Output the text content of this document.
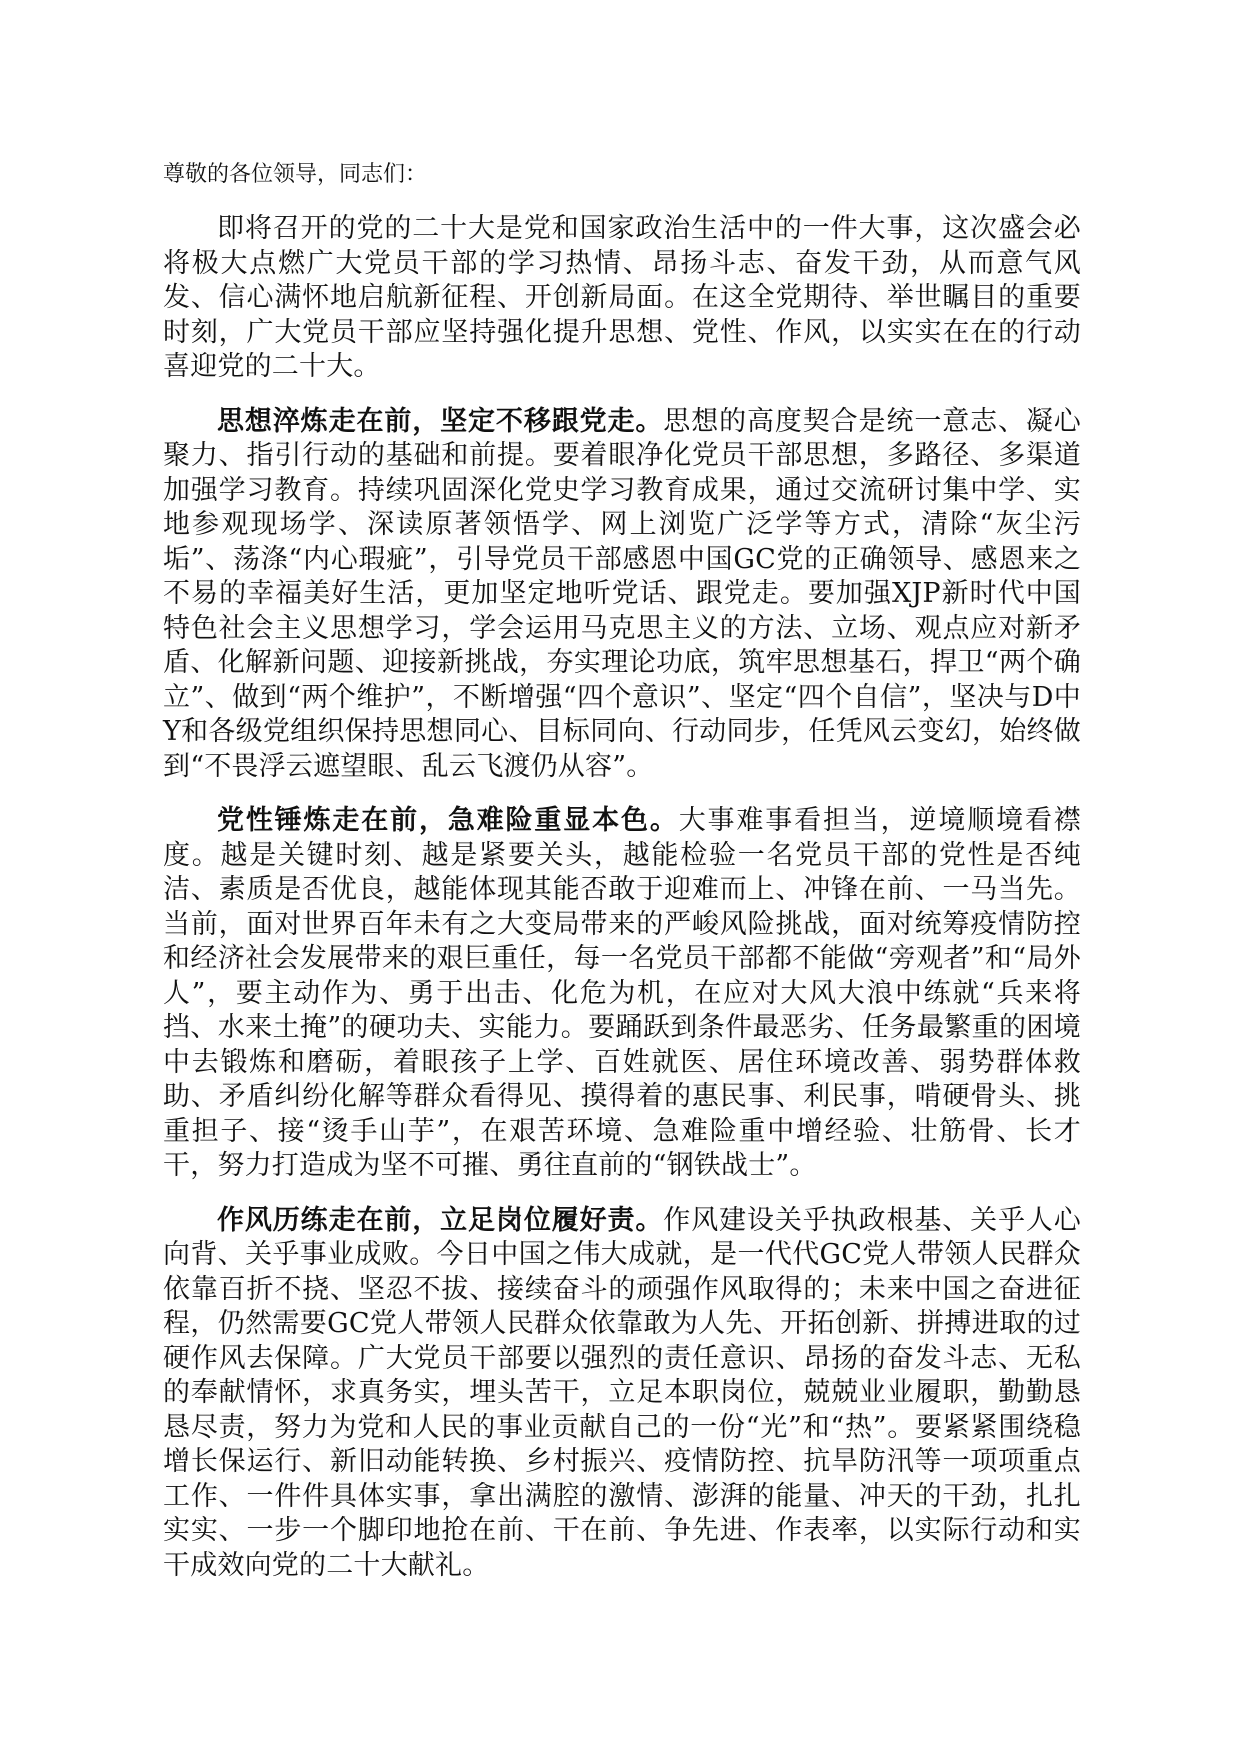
尊敬的各位领导，同志们：

即将召开的党的二十大是党和国家政治生活中的一件大事，这次盛会必将极大点燃广大党员干部的学习热情、昂扬斗志、奋发干劲，从而意气风发、信心满怀地启航新征程、开创新局面。在这全党期待、举世瞩目的重要时刻，广大党员干部应坚持强化提升思想、党性、作风，以实实在在的行动喜迎党的二十大。

思想淬炼走在前，坚定不移跟党走。思想的高度契合是统一意志、凝心聚力、指引行动的基础和前提。要着眼净化党员干部思想，多路径、多渠道加强学习教育。持续巩固深化党史学习教育成果，通过交流研讨集中学、实地参观现场学、深读原著领悟学、网上浏览广泛学等方式，清除“灰尘污垢”、荡涤“内心瑕疵”，引导党员干部感恩中国GC党的正确领导、感恩来之不易的幸福美好生活，更加坚定地听党话、跟党走。要加强XJP新时代中国特色社会主义思想学习，学会运用马克思主义的方法、立场、观点应对新矛盾、化解新问题、迎接新挑战，夯实理论功底，筑牢思想基石，捍卫“两个确立”、做到“两个维护”，不断增强“四个意识”、坚定“四个自信”，坚决与D中Y和各级党组织保持思想同心、目标同向、行动同步，任凭风云变幻，始终做到“不畏浮云遮望眼、乱云飞渡仍从容”。

党性锤炼走在前，急难险重显本色。大事难事看担当，逆境顺境看襟度。越是关键时刻、越是紧要关头，越能检验一名党员干部的党性是否纯洁、素质是否优良，越能体现其能否敢于迎难而上、冲锋在前、一马当先。当前，面对世界百年未有之大变局带来的严峻风险挑战，面对统筹疫情防控和经济社会发展带来的艰巨重任，每一名党员干部都不能做“旁观者”和“局外人”，要主动作为、勇于出击、化危为机，在应对大风大浪中练就“兵来将挡、水来土掩”的硬功夫、实能力。要踊跃到条件最恶劣、任务最繁重的困境中去锻炼和磨砺，着眼孩子上学、百姓就医、居住环境改善、弱势群体救助、矛盾纠纷化解等群众看得见、摸得着的惠民事、利民事，啃硬骨头、挑重担子、接“烫手山芋”，在艰苦环境、急难险重中增经验、壮筋骨、长才干，努力打造成为坚不可摧、勇往直前的“钢铁战士”。

作风历练走在前，立足岗位履好责。作风建设关乎执政根基、关乎人心向背、关乎事业成败。今日中国之伟大成就，是一代代GC党人带领人民群众依靠百折不挠、坚忍不拔、接续奋斗的顽强作风取得的；未来中国之奋进征程，仍然需要GC党人带领人民群众依靠敢为人先、开拓创新、拼搏进取的过硬作风去保障。广大党员干部要以强烈的责任意识、昂扬的奋发斗志、无私的奉献情怀，求真务实，埋头苦干，立足本职岗位，兢兢业业履职，勤勤恳恳尽责，努力为党和人民的事业贡献自己的一份“光”和“热”。要紧紧围绕稳增长保运行、新旧动能转换、乡村振兴、疫情防控、抗旱防汛等一项项重点工作、一件件具体实事，拿出满腔的激情、澎湃的能量、冲天的干劲，扎扎实实、一步一个脚印地抢在前、干在前、争先进、作表率，以实际行动和实干成效向党的二十大献礼。
